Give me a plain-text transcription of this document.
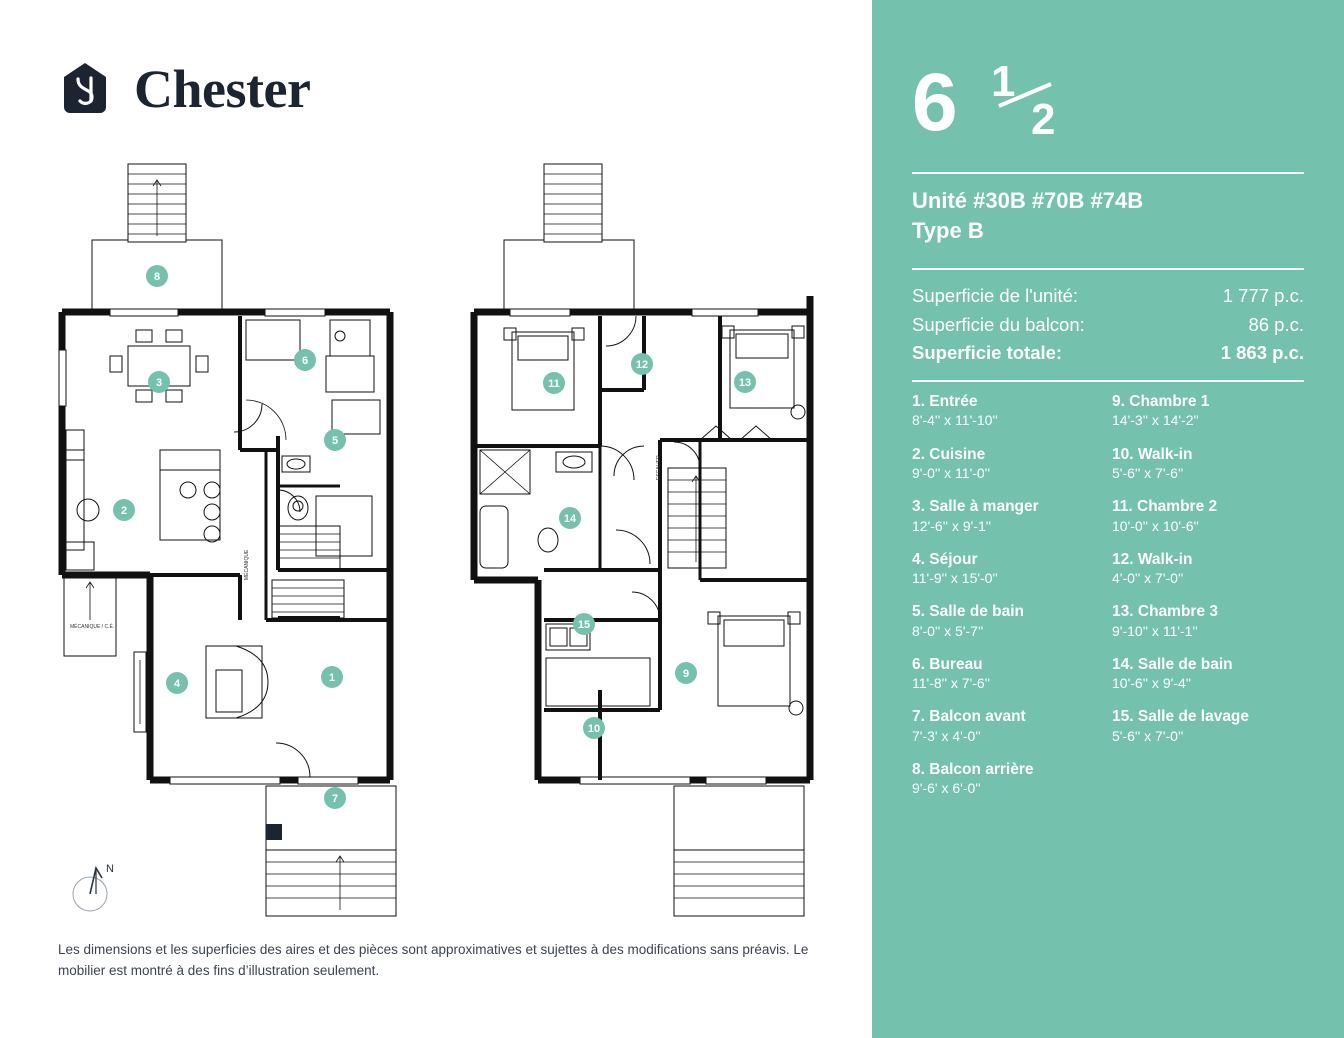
Chester
MÉCANIQUE / C.É.
MÉCANIQUE
ESCALIER
8
3
6
5
2
4	1
7
11
12
13
14
15
10
9
N
Les dimensions et les superficies des aires et des pièces sont approximatives et sujettes à des modifications sans préavis. Le mobilier est montré à des fins d’illustration seulement.
6 1
2
Unité #30B #70B #74B
Type B
Superficie de l'unité:	1 777 p.c.
Superficie du balcon:	86 p.c.
Superficie totale:	1 863 p.c.
1. Entrée
8'-4'' x 11'-10''
2. Cuisine
9'-0'' x 11'-0''
3. Salle à manger
12'-6'' x 9'-1''
4. Séjour
11'-9'' x 15'-0''
5. Salle de bain
8'-0'' x 5'-7''
6. Bureau
11'-8'' x 7'-6''
7. Balcon avant
7'-3' x 4'-0''
8. Balcon arrière
9'-6' x 6'-0''
9. Chambre 1
14'-3'' x 14'-2''
10. Walk-in
5'-6'' x 7'-6''
11. Chambre 2
10'-0'' x 10'-6''
12. Walk-in
4'-0'' x 7'-0''
13. Chambre 3
9'-10'' x 11'-1''
14. Salle de bain
10'-6'' x 9'-4''
15. Salle de lavage
5'-6'' x 7'-0''
